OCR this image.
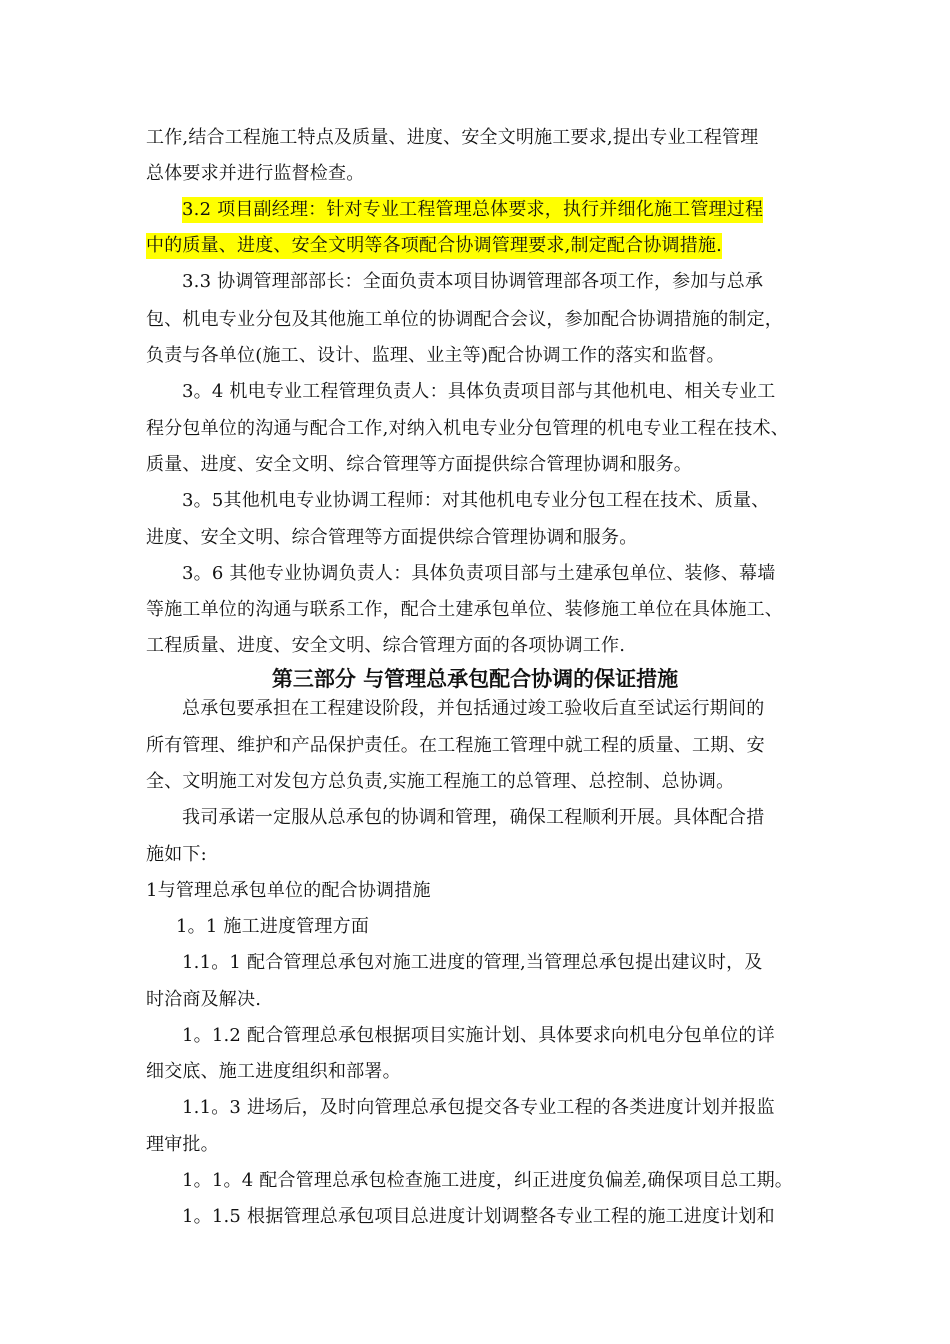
工作,结合工程施工特点及质量、进度、安全文明施工要求,提出专业工程管理
总体要求并进行监督检查。
3.2 项目副经理：针对专业工程管理总体要求，执行并细化施工管理过程
中的质量、进度、安全文明等各项配合协调管理要求,制定配合协调措施.
3.3 协调管理部部长：全面负责本项目协调管理部各项工作，参加与总承
包、机电专业分包及其他施工单位的协调配合会议，参加配合协调措施的制定，
负责与各单位(施工、设计、监理、业主等)配合协调工作的落实和监督。
3。4 机电专业工程管理负责人：具体负责项目部与其他机电、相关专业工
程分包单位的沟通与配合工作,对纳入机电专业分包管理的机电专业工程在技术、
质量、进度、安全文明、综合管理等方面提供综合管理协调和服务。
3。5其他机电专业协调工程师：对其他机电专业分包工程在技术、质量、
进度、安全文明、综合管理等方面提供综合管理协调和服务。
3。6 其他专业协调负责人：具体负责项目部与土建承包单位、装修、幕墙
等施工单位的沟通与联系工作，配合土建承包单位、装修施工单位在具体施工、
工程质量、进度、安全文明、综合管理方面的各项协调工作.
第三部分 与管理总承包配合协调的保证措施
总承包要承担在工程建设阶段，并包括通过竣工验收后直至试运行期间的
所有管理、维护和产品保护责任。在工程施工管理中就工程的质量、工期、安
全、文明施工对发包方总负责,实施工程施工的总管理、总控制、总协调。
我司承诺一定服从总承包的协调和管理，确保工程顺利开展。具体配合措
施如下:
1与管理总承包单位的配合协调措施
1。1 施工进度管理方面
1.1。1 配合管理总承包对施工进度的管理,当管理总承包提出建议时，及
时洽商及解决.
1。1.2 配合管理总承包根据项目实施计划、具体要求向机电分包单位的详
细交底、施工进度组织和部署。
1.1。3 进场后，及时向管理总承包提交各专业工程的各类进度计划并报监
理审批。
1。1。4 配合管理总承包检查施工进度，纠正进度负偏差,确保项目总工期。
1。1.5 根据管理总承包项目总进度计划调整各专业工程的施工进度计划和
